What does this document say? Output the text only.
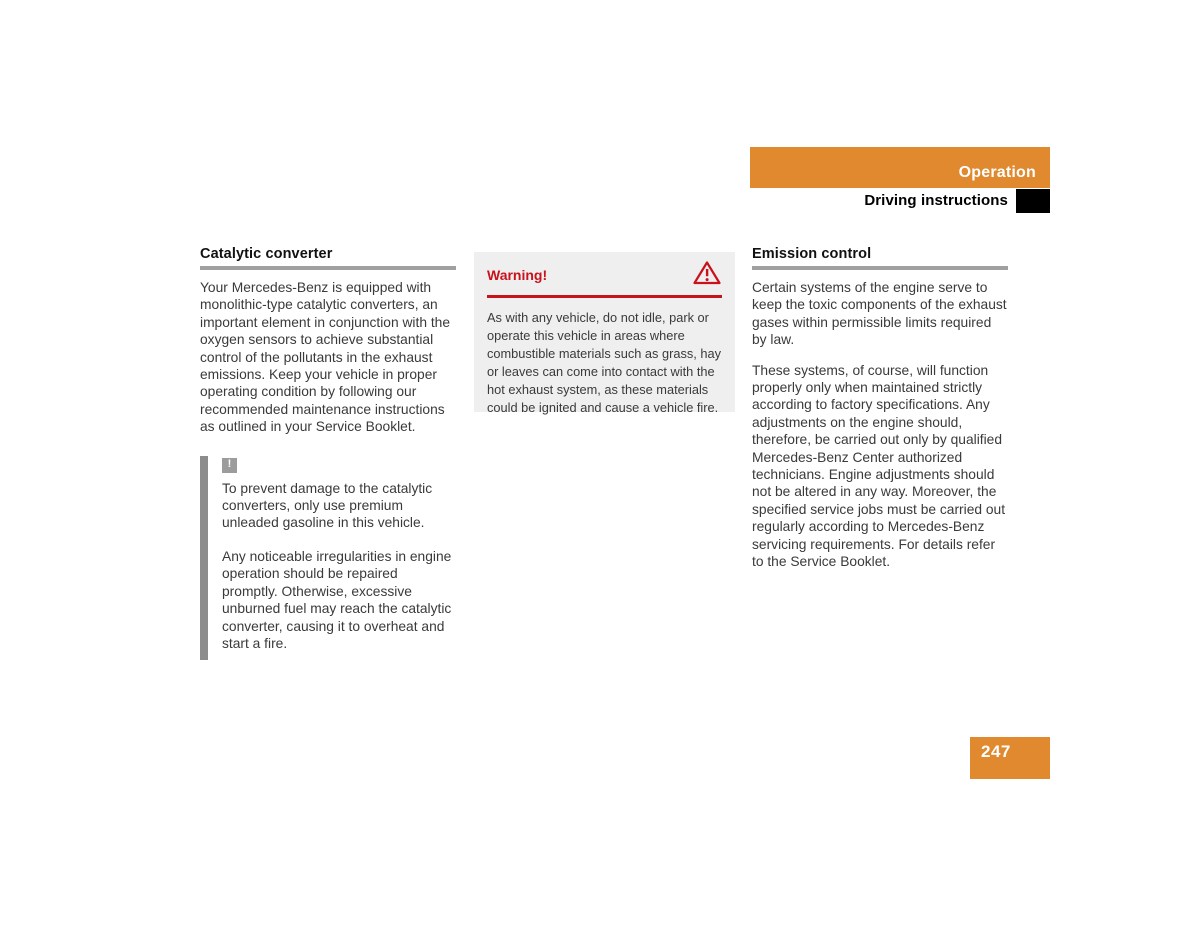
Operation
Driving instructions
Catalytic converter

Your Mercedes-Benz is equipped with monolithic-type catalytic converters, an important element in conjunction with the oxygen sensors to achieve substantial control of the pollutants in the exhaust emissions. Keep your vehicle in proper operating condition by following our recommended maintenance instructions as outlined in your Service Booklet.

!

To prevent damage to the catalytic converters, only use premium unleaded gasoline in this vehicle.

Any noticeable irregularities in engine operation should be repaired promptly. Otherwise, excessive unburned fuel may reach the catalytic converter, causing it to overheat and start a fire.

Warning!

As with any vehicle, do not idle, park or operate this vehicle in areas where combustible materials such as grass, hay or leaves can come into contact with the hot exhaust system, as these materials could be ignited and cause a vehicle fire.

Emission control

Certain systems of the engine serve to keep the toxic components of the exhaust gases within permissible limits required by law.

These systems, of course, will function properly only when maintained strictly according to factory specifications. Any adjustments on the engine should, therefore, be carried out only by qualified Mercedes-Benz Center authorized technicians. Engine adjustments should not be altered in any way. Moreover, the specified service jobs must be carried out regularly according to Mercedes-Benz servicing requirements. For details refer to the Service Booklet.

247
